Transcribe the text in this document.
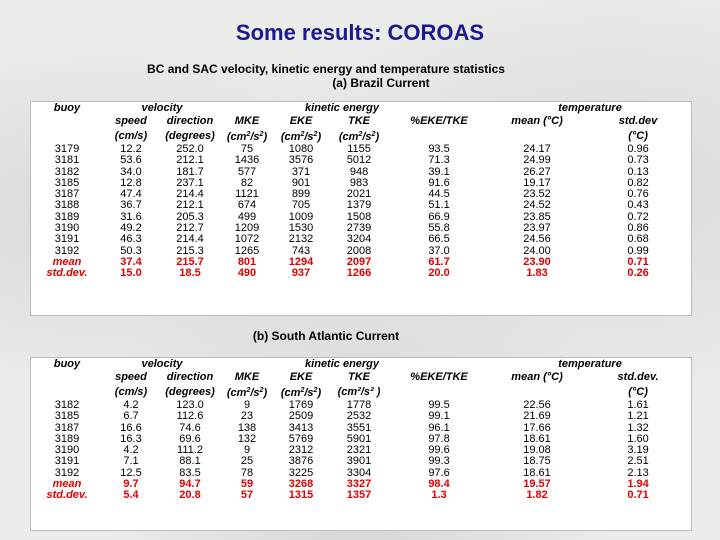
Some results: COROAS
BC and SAC velocity, kinetic energy and temperature statistics
(a) Brazil Current
buoy	velocity		kinetic energy				temperature	
	speed	direction	MKE	EKE	TKE	%EKE/TKE	mean (°C)	std.dev
	(cm/s)	(degrees)	$(cm^2/s^2)$	$(cm^2/s^2)$	$(cm^2/s^2)$			(°C)
3179	12.2	252.0	75	1080	1155	93.5	24.17	0.96
3181	53.6	212.1	1436	3576	5012	71.3	24.99	0.73
3182	34.0	181.7	577	371	948	39.1	26.27	0.13
3185	12.8	237.1	82	901	983	91.6	19.17	0.82
3187	47.4	214.4	1121	899	2021	44.5	23.52	0.76
3188	36.7	212.1	674	705	1379	51.1	24.52	0.43
3189	31.6	205.3	499	1009	1508	66.9	23.85	0.72
3190	49.2	212.7	1209	1530	2739	55.8	23.97	0.86
3191	46.3	214.4	1072	2132	3204	66.5	24.56	0.68
3192	50.3	215.3	1265	743	2008	37.0	24.00	0.99
mean	37.4	215.7	801	1294	2097	61.7	23.90	0.71
std.dev.	15.0	18.5	490	937	1266	20.0	1.83	0.26
(b) South Atlantic Current
buoy	velocity		kinetic energy				temperature	
	speed	direction	MKE	EKE	TKE	%EKE/TKE	mean (°C)	std.dev.
	(cm/s)	(degrees)	$(cm^2/s^2)$	$(cm^2/s^2)$	(cm²/s² )			(°C)
3182	4.2	123.0	9	1769	1778	99.5	22.56	1.61
3185	6.7	112.6	23	2509	2532	99.1	21.69	1.21
3187	16.6	74.6	138	3413	3551	96.1	17.66	1.32
3189	16.3	69.6	132	5769	5901	97.8	18.61	1.60
3190	4.2	111.2	9	2312	2321	99.6	19.08	3.19
3191	7.1	88.1	25	3876	3901	99.3	18.75	2.51
3192	12.5	83.5	78	3225	3304	97.6	18.61	2.13
mean	9.7	94.7	59	3268	3327	98.4	19.57	1.94
std.dev.	5.4	20.8	57	1315	1357	1.3	1.82	0.71
